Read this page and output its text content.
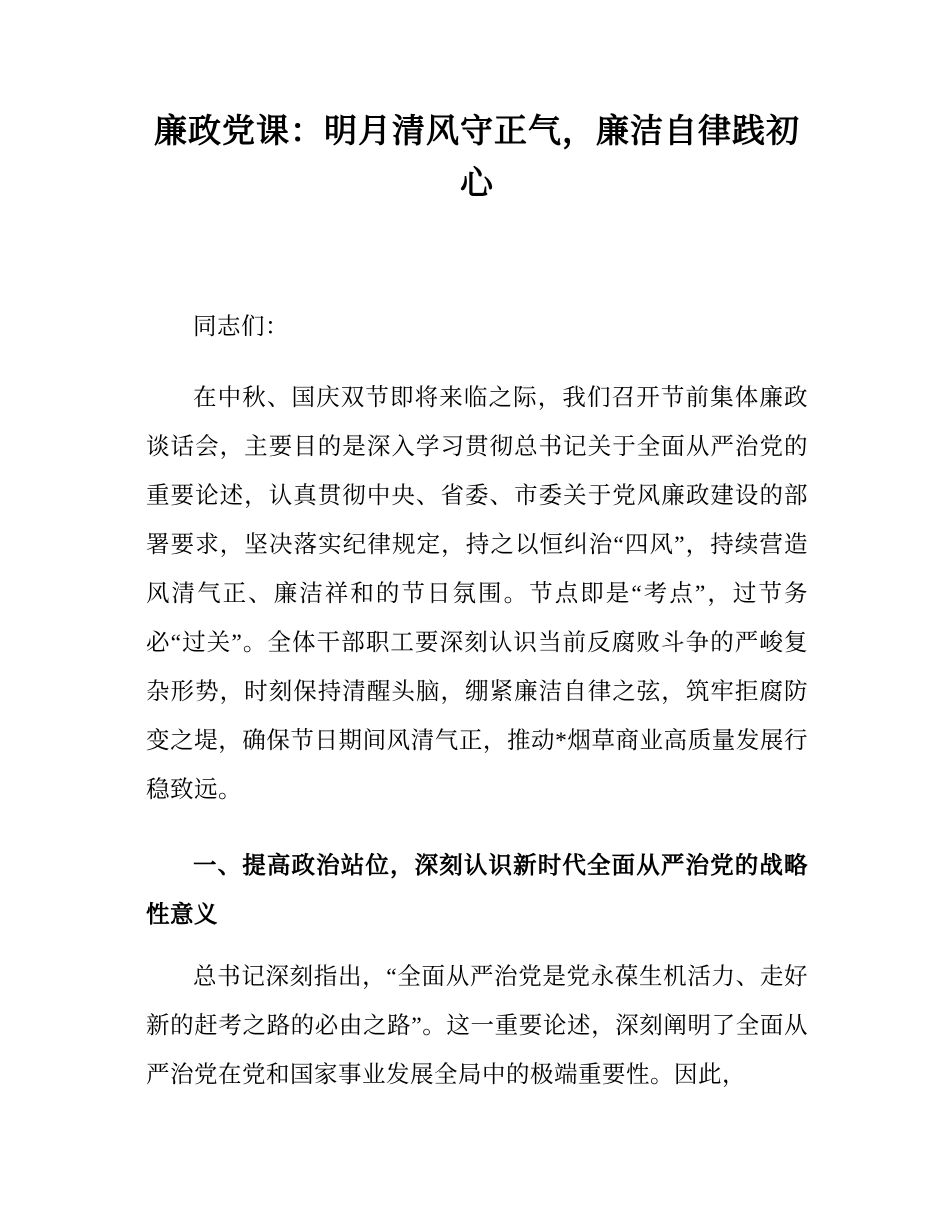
廉政党课：明月清风守正气，廉洁自律践初心

同志们：

在中秋、国庆双节即将来临之际，我们召开节前集体廉政谈话会，主要目的是深入学习贯彻总书记关于全面从严治党的重要论述，认真贯彻中央、省委、市委关于党风廉政建设的部署要求，坚决落实纪律规定，持之以恒纠治“四风”，持续营造风清气正、廉洁祥和的节日氛围。节点即是“考点”，过节务必“过关”。全体干部职工要深刻认识当前反腐败斗争的严峻复杂形势，时刻保持清醒头脑，绷紧廉洁自律之弦，筑牢拒腐防变之堤，确保节日期间风清气正，推动*烟草商业高质量发展行稳致远。

一、提高政治站位，深刻认识新时代全面从严治党的战略性意义

总书记深刻指出，“全面从严治党是党永葆生机活力、走好新的赶考之路的必由之路”。这一重要论述，深刻阐明了全面从严治党在党和国家事业发展全局中的极端重要性。因此，
